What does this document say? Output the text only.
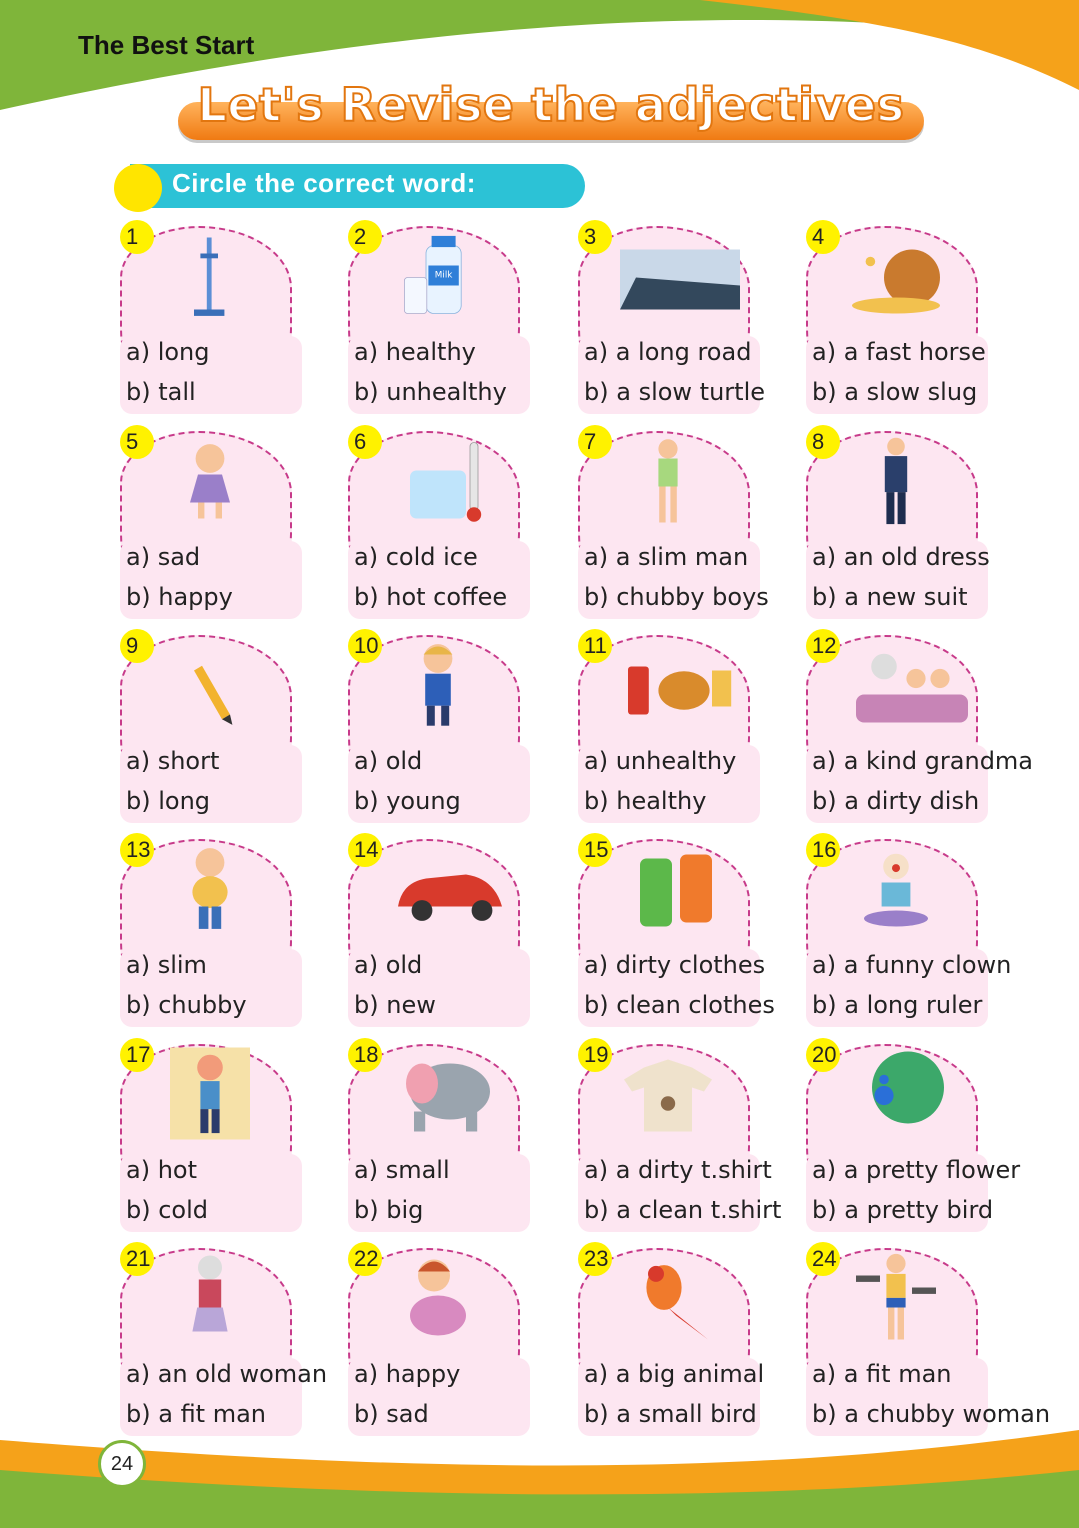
The Best Start
Let's Revise the adjectives
Circle the correct word:
1
a) long
b) tall
Milk
2
a) healthy
b) unhealthy
3
a) a long road
b) a slow turtle
4
a) a fast horse
b) a slow slug
5
a) sad
b) happy
6
a) cold ice
b) hot coffee
7
a) a slim man
b) chubby boys
8
a) an old dress
b) a new suit
9
a) short
b) long
10
a) old
b) young
11
a) unhealthy
b) healthy
12
a) a kind grandma
b) a dirty dish
13
a) slim
b) chubby
14
a) old
b) new
15
a) dirty clothes
b) clean clothes
16
a) a funny clown
b) a long ruler
17
a) hot
b) cold
18
a) small
b) big
19
a) a dirty t.shirt
b) a clean t.shirt
20
a) a pretty flower
b) a pretty bird
21
a) an old woman
b) a fit man
22
a) happy
b) sad
23
a) a big animal
b) a small bird
24
a) a fit man
b) a chubby woman
24
